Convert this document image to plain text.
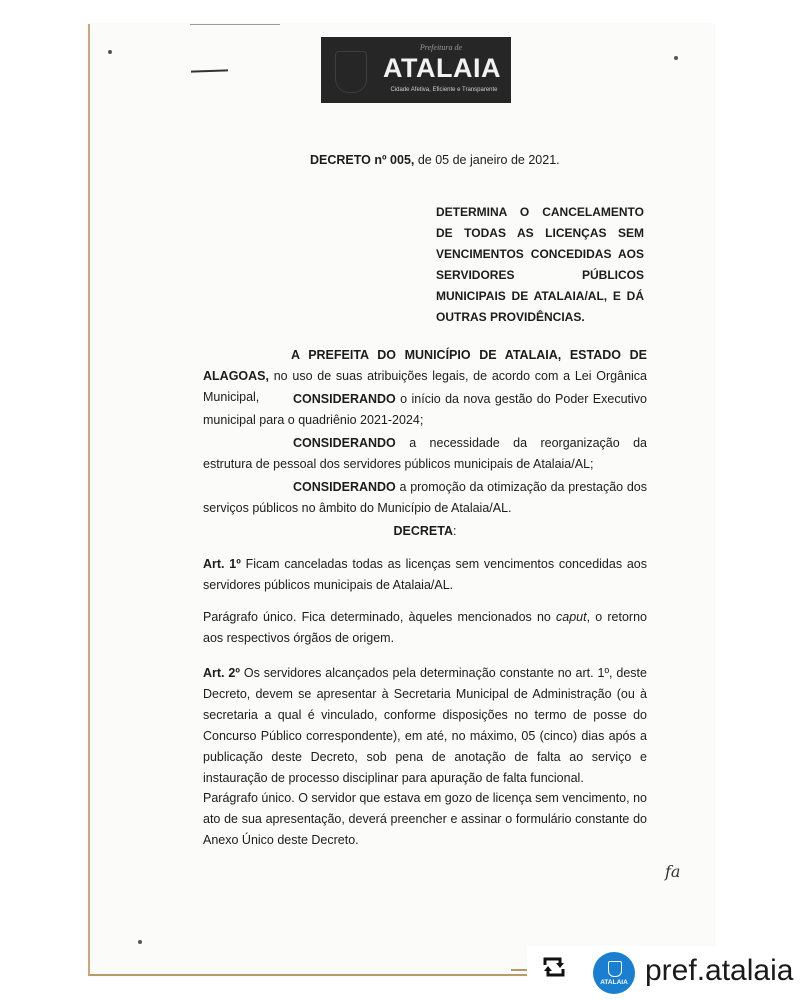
Prefeitura de
ATALAIA
Cidade Afetiva, Eficiente e Transparente
DECRETO nº 005, de 05 de janeiro de 2021.
DETERMINA O CANCELAMENTO DE TODAS AS LICENÇAS SEM VENCIMENTOS CONCEDIDAS AOS SERVIDORES PÚBLICOS MUNICIPAIS DE ATALAIA/AL, E DÁ OUTRAS PROVIDÊNCIAS.
A PREFEITA DO MUNICÍPIO DE ATALAIA, ESTADO DE ALAGOAS, no uso de suas atribuições legais, de acordo com a Lei Orgânica Municipal,	CONSIDERANDO o início da nova gestão do Poder Executivo municipal para o quadriênio 2021-2024;
CONSIDERANDO a necessidade da reorganização da estrutura de pessoal dos servidores públicos municipais de Atalaia/AL;
CONSIDERANDO a promoção da otimização da prestação dos serviços públicos no âmbito do Município de Atalaia/AL.
DECRETA:
Art. 1º Ficam canceladas todas as licenças sem vencimentos concedidas aos servidores públicos municipais de Atalaia/AL.
Parágrafo único. Fica determinado, àqueles mencionados no caput, o retorno aos respectivos órgãos de origem.
Art. 2º Os servidores alcançados pela determinação constante no art. 1º, deste Decreto, devem se apresentar à Secretaria Municipal de Administração (ou à secretaria a qual é vinculado, conforme disposições no termo de posse do Concurso Público correspondente), em até, no máximo, 05 (cinco) dias após a publicação deste Decreto, sob pena de anotação de falta ao serviço e instauração de processo disciplinar para apuração de falta funcional.
Parágrafo único. O servidor que estava em gozo de licença sem vencimento, no ato de sua apresentação, deverá preencher e assinar o formulário constante do Anexo Único deste Decreto.
fa
ATALAIA pref.atalaia
